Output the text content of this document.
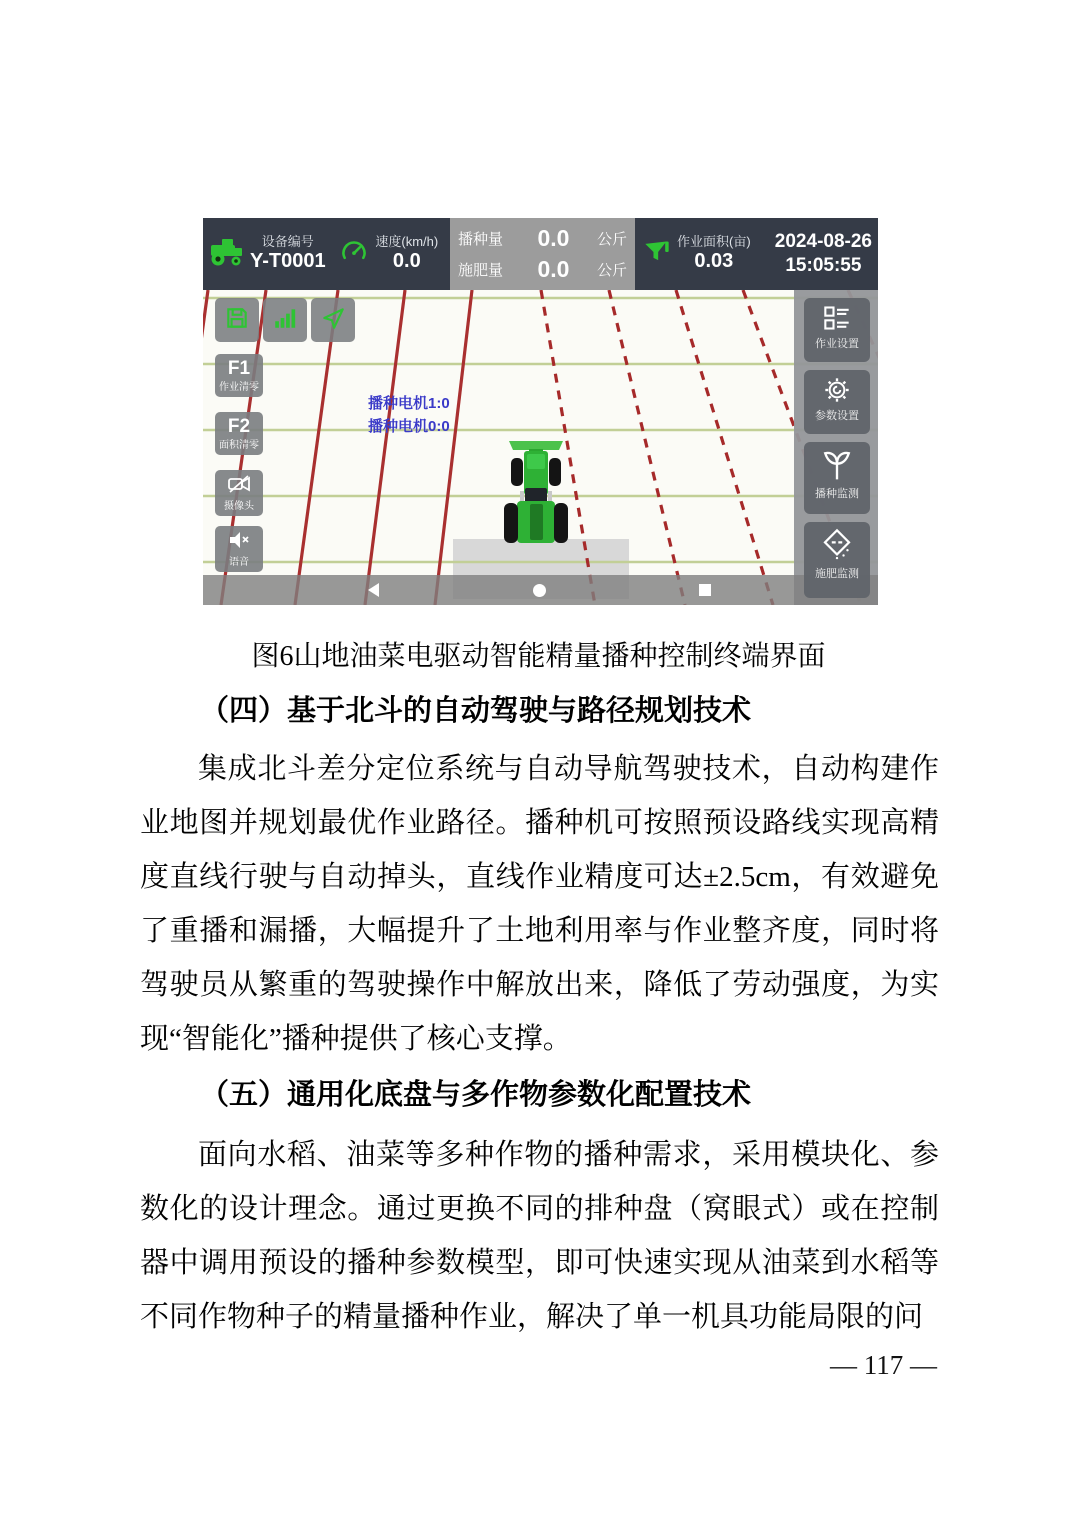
设备编号
Y-T0001
速度(km/h)
0.0
播种量	0.0	公斤
施肥量	0.0	公斤
作业面积(亩)
0.03
2024-08-26
15:05:55
播种电机1:0
播种电机0:0
F1
作业清零
F2
面积清零
摄像头
语音
作业设置
参数设置
播种监测
施肥监测
图6山地油菜电驱动智能精量播种控制终端界面
（四）基于北斗的自动驾驶与路径规划技术

集成北斗差分定位系统与自动导航驾驶技术，自动构建作业地图并规划最优作业路径。播种机可按照预设路线实现高精度直线行驶与自动掉头，直线作业精度可达±2.5cm，有效避免了重播和漏播，大幅提升了土地利用率与作业整齐度，同时将驾驶员从繁重的驾驶操作中解放出来，降低了劳动强度，为实现“智能化”播种提供了核心支撑。

（五）通用化底盘与多作物参数化配置技术

面向水稻、油菜等多种作物的播种需求，采用模块化、参数化的设计理念。通过更换不同的排种盘（窝眼式）或在控制器中调用预设的播种参数模型，即可快速实现从油菜到水稻等不同作物种子的精量播种作业，解决了单一机具功能局限的问

— 117 —
